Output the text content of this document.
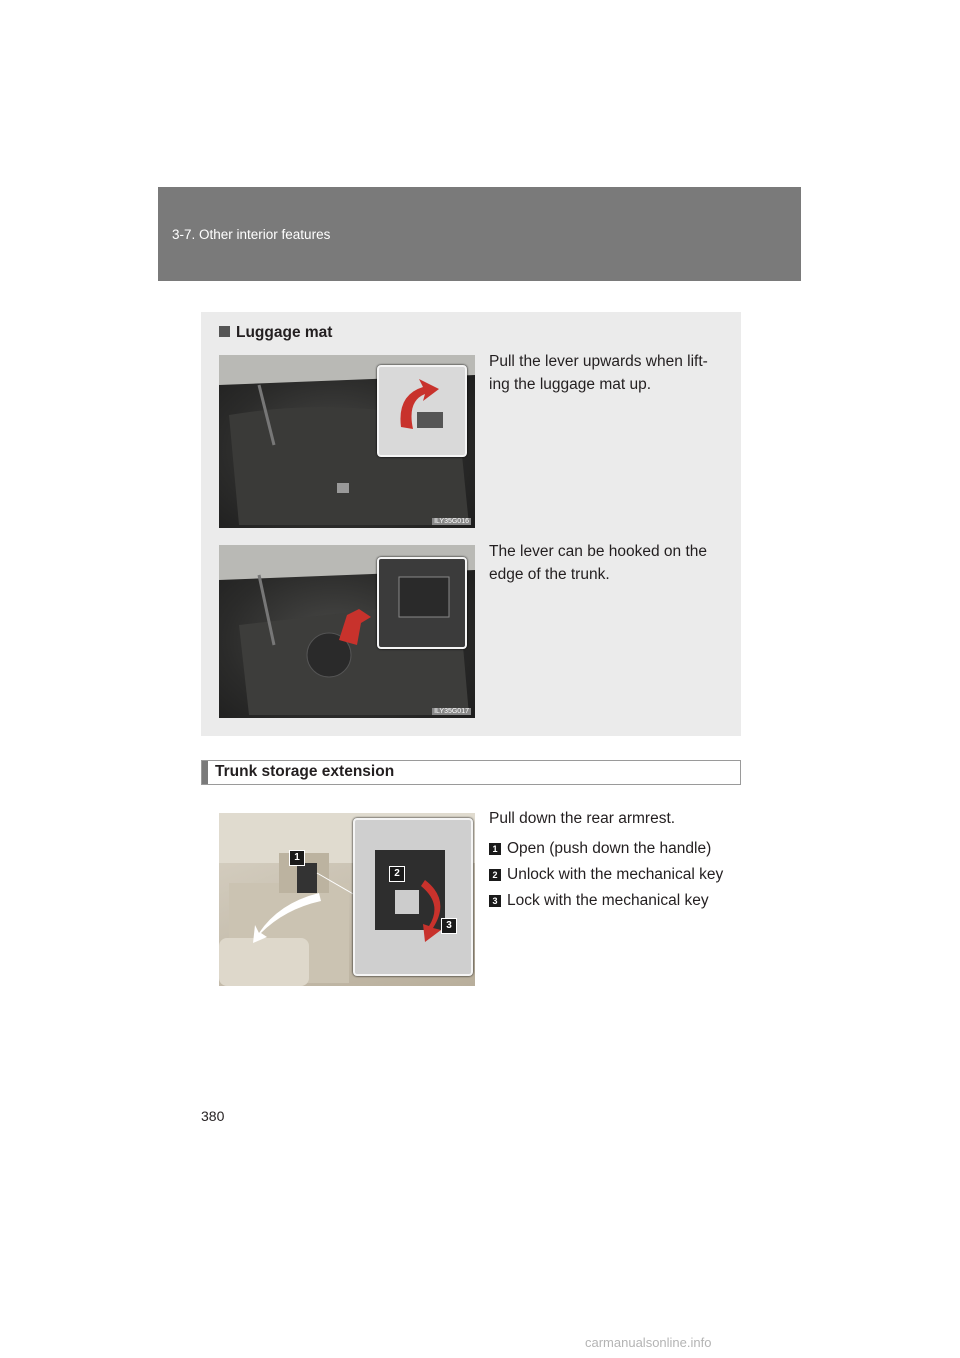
3-7. Other interior features
Luggage mat
ILY35G016
Pull the lever upwards when lift-
ing the luggage mat up.
ILY35G017
The lever can be hooked on the
edge of the trunk.
Trunk storage extension
1
2
3
Pull down the rear armrest.
1 Open (push down the handle)
2 Unlock with the mechanical key
3 Lock with the mechanical key
380
carmanualsonline.info
